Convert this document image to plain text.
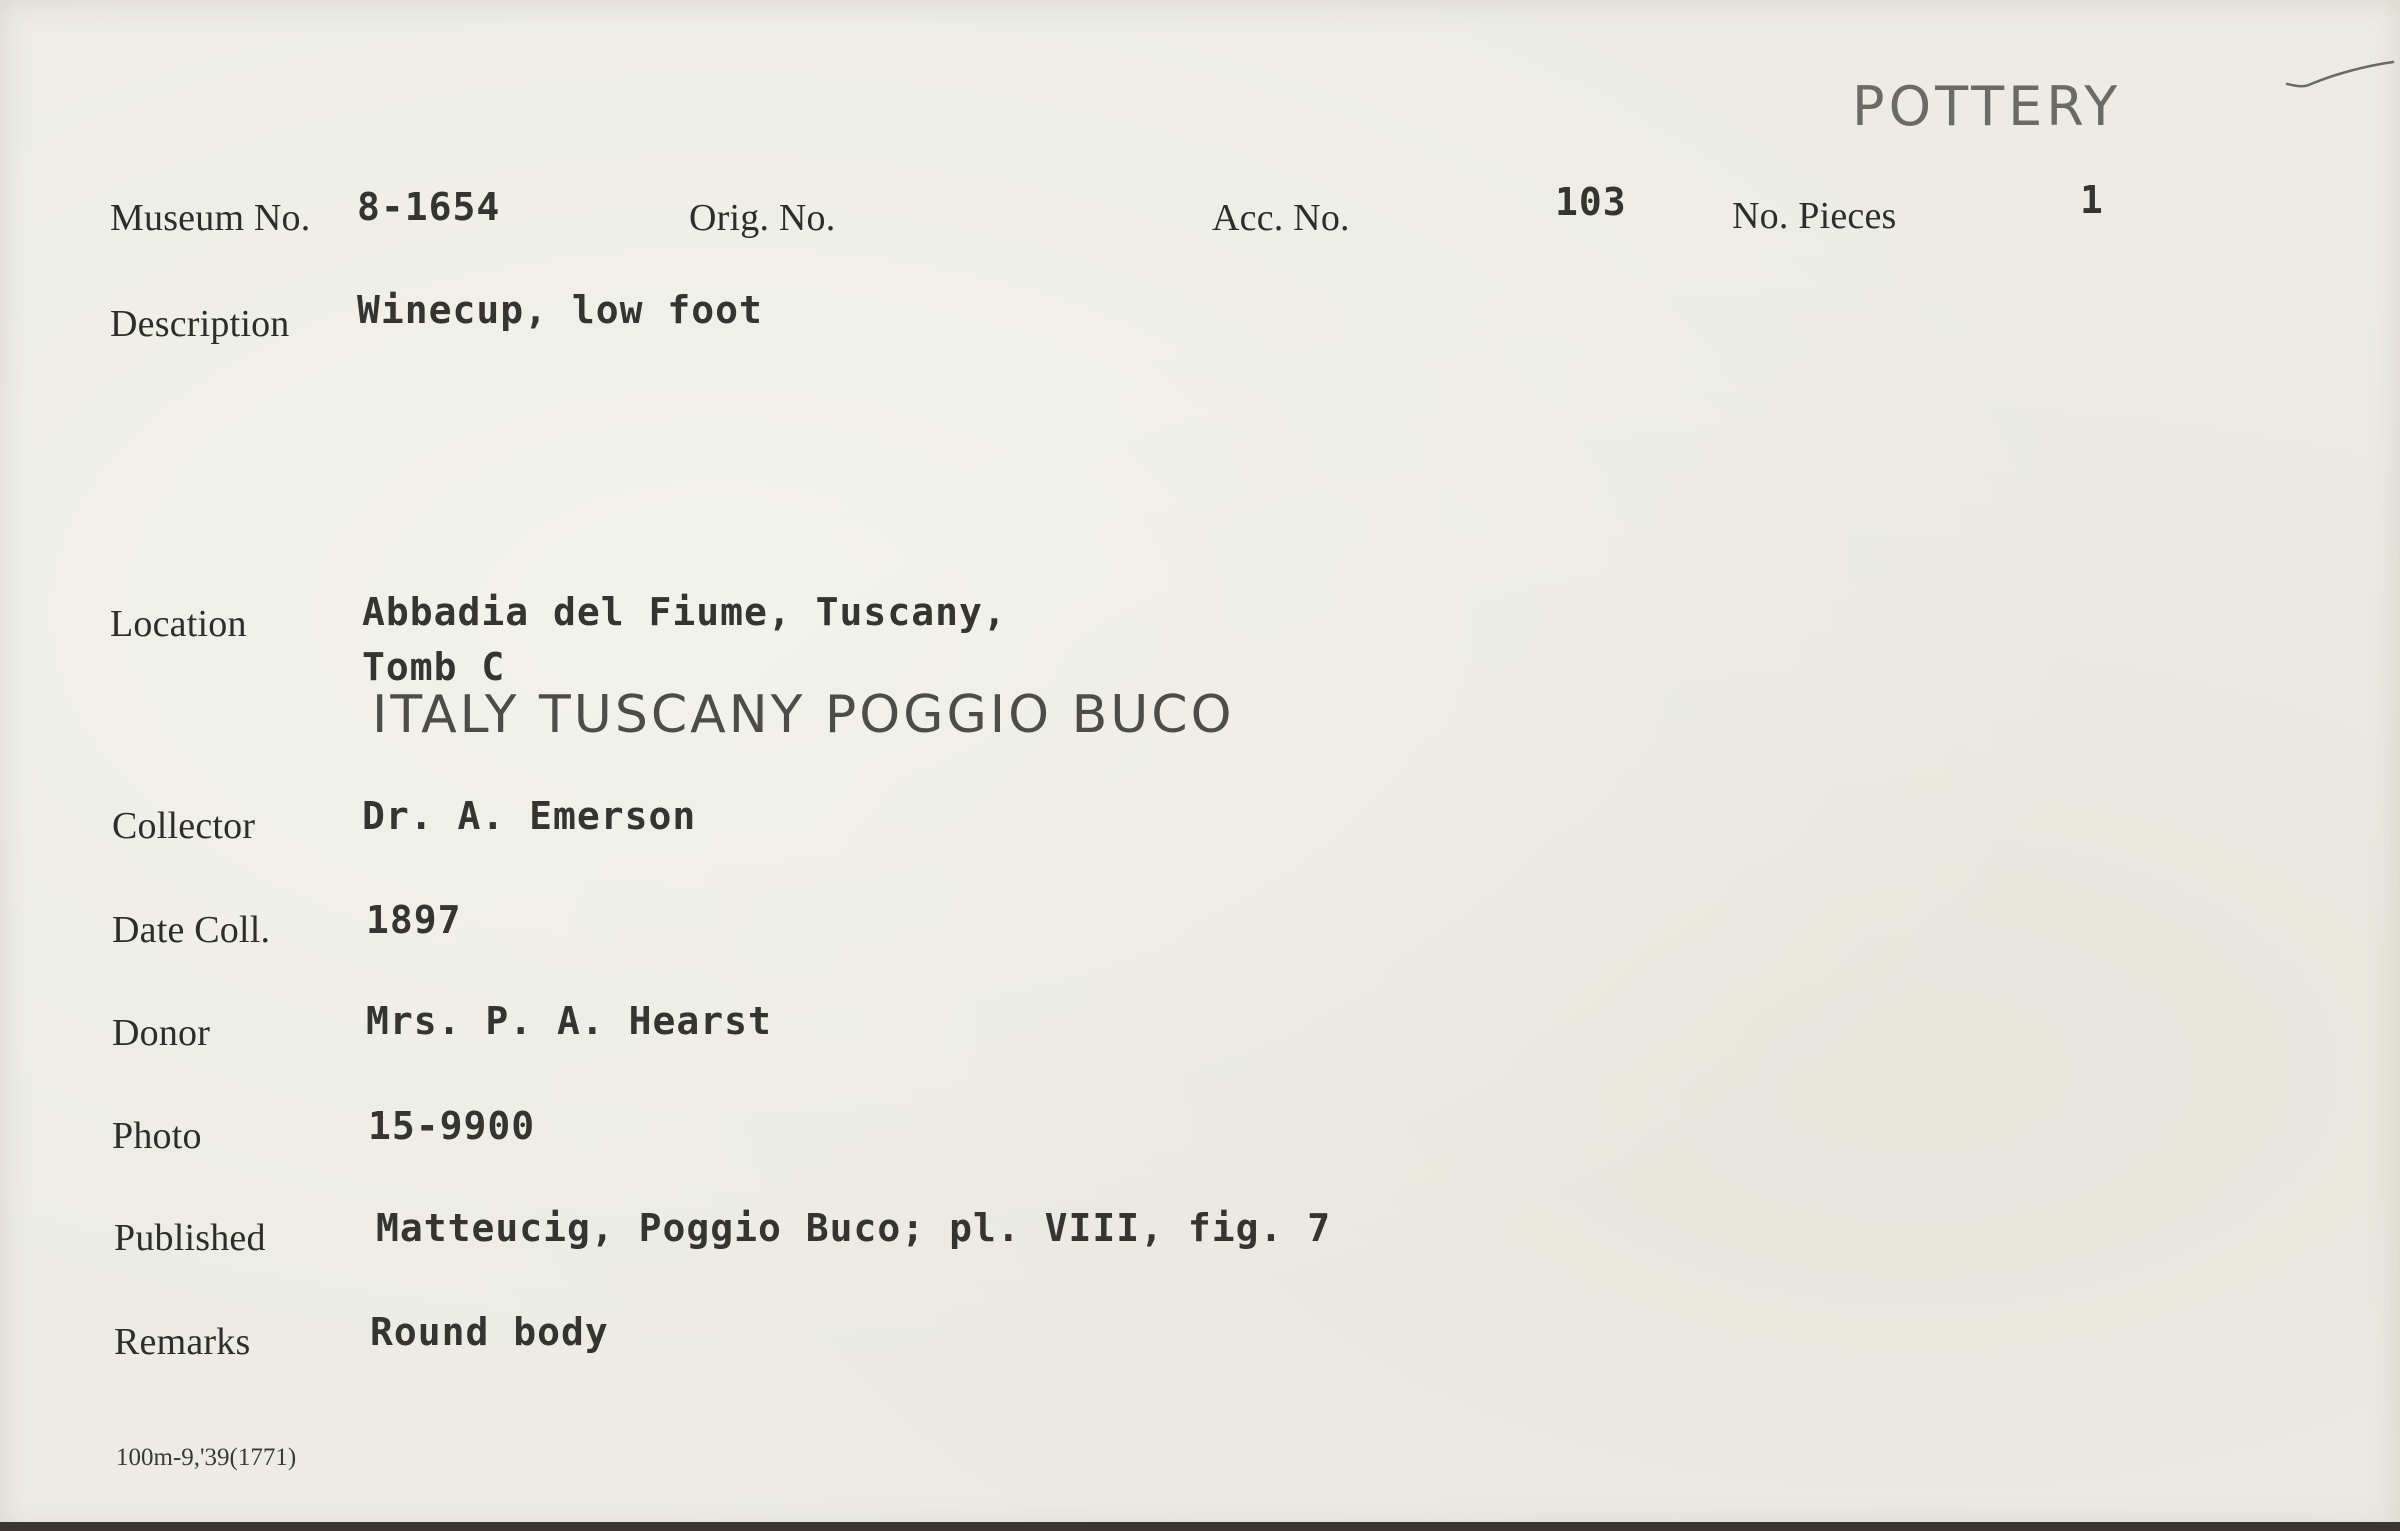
POTTERY
Museum No. 8-1654	Orig. No.	Acc. No.	103	No. Pieces	1
Description Winecup, low foot
Location	Abbadia del Fiume, Tuscany,
Tomb C
ITALY TUSCANY POGGIO BUCO
Collector	Dr. A. Emerson
Date Coll.	1897
Donor	Mrs. P. A. Hearst
Photo	15-9900
Published	Matteucig, Poggio Buco; pl. VIII, fig. 7
Remarks	Round body
100m-9,'39(1771)
